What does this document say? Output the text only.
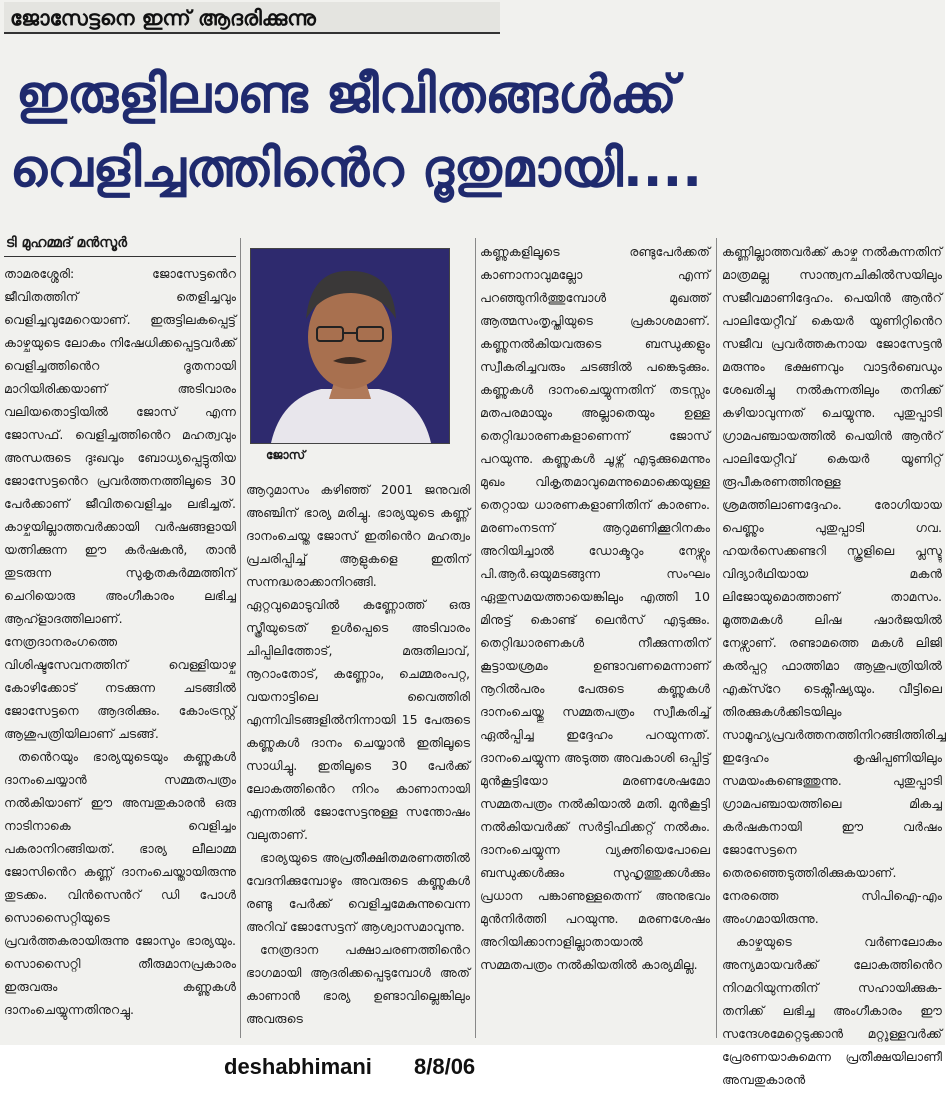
ജോസേട്ടനെ ഇന്ന് ആദരിക്കുന്നു
ഇരുളിലാണ്ട ജീവിതങ്ങൾക്ക്
വെളിച്ചത്തിൻെറ ദൂതുമായി....
ടി മുഹമ്മദ് മൻസൂർ

താമരശ്ശേരി: ജോസേട്ടൻെറ ജീവിതത്തിന് തെളിച്ചവും വെളിച്ചവുമേറെയാണ്. ഇരുട്ടിലകപ്പെട്ട് കാഴ്ചയുടെ ലോകം നിഷേധിക്കപ്പെട്ടവർക്ക് വെളിച്ചത്തിൻെറ ദൂതനായി മാറിയിരിക്കയാണ് അടിവാരം വലിയതൊട്ടിയിൽ ജോസ് എന്ന ജോസഫ്. വെളിച്ചത്തിൻെറ മഹത്വവും അന്ധരുടെ ദുഃഖവും ബോധ്യപ്പെട്ടുതിയ ജോസേട്ടൻെറ പ്രവർത്തനത്തിലൂടെ 30 പേർക്കാണ് ജീവിതവെളിച്ചം ലഭിച്ചത്. കാഴ്ചയില്ലാത്തവർക്കായി വർഷങ്ങളായി യത്നിക്കുന്ന ഈ കർഷകൻ, താൻ തുടരുന്ന സുകൃതകർമ്മത്തിന് ചെറിയൊരു അംഗീകാരം ലഭിച്ച ആഹ്ളാദത്തിലാണ്. നേത്രദാനരംഗത്തെ വിശിഷ്ടസേവനത്തിന് വെള്ളിയാഴ്ച കോഴിക്കോട് നടക്കുന്ന ചടങ്ങിൽ ജോസേട്ടനെ ആദരിക്കും. കോംട്രസ്റ്റ് ആശുപത്രിയിലാണ് ചടങ്ങ്.

തൻെറയും ഭാര്യയുടെയും കണ്ണുകൾ ദാനംചെയ്യാൻ സമ്മതപത്രം നൽകിയാണ് ഈ അമ്പതുകാരൻ ഒരു നാടിനാകെ വെളിച്ചം പകരാനിറങ്ങിയത്. ഭാര്യ ലീലാമ്മ ജോസിൻെറ കണ്ണ് ദാനംചെയ്തായിരുന്നു തുടക്കം. വിൻസെൻറ് ഡി പോൾ സൊസൈറ്റിയുടെ പ്രവർത്തകരായിരുന്നു ജോസും ഭാര്യയും. സൊസൈറ്റി തീരുമാനപ്രകാരം ഇരുവരും കണ്ണുകൾ ദാനംചെയ്യുന്നതിനുറച്ചു.

ജോസ്

ആറുമാസം കഴിഞ്ഞ് 2001 ജനുവരി അഞ്ചിന് ഭാര്യ മരിച്ചു. ഭാര്യയുടെ കണ്ണ് ദാനംചെയ്ത ജോസ് ഇതിൻെറ മഹത്വം പ്രചരിപ്പിച്ച് ആളുകളെ ഇതിന് സന്നദ്ധരാക്കാനിറങ്ങി. ഏറ്റവുമൊടുവിൽ കണ്ണോത്ത് ഒരു സ്ത്രീയുടെത് ഉൾപ്പെടെ അടിവാരം ചിപ്പിലിത്തോട്, മരുതിലാവ്, നൂറാംതോട്, കണ്ണോം, ചെമ്മരംപറ്റ, വയനാട്ടിലെ വൈത്തിരി എന്നിവിടങ്ങളിൽനിന്നായി 15 പേരുടെ കണ്ണുകൾ ദാനം ചെയ്യാൻ ഇതിലൂടെ സാധിച്ചു. ഇതിലൂടെ 30 പേർക്ക് ലോകത്തിൻെറ നിറം കാണാനായി എന്നതിൽ ജോസേട്ടനുള്ള സന്തോഷം വലുതാണ്.

ഭാര്യയുടെ അപ്രതീക്ഷിതമരണത്തിൽ വേദനിക്കുമ്പോഴും അവരുടെ കണ്ണുകൾ രണ്ടു പേർക്ക് വെളിച്ചമേകുന്നുവെന്ന അറിവ് ജോസേട്ടന് ആശ്വാസമാവുന്നു.

നേത്രദാന പക്ഷാചരണത്തിൻെറ ഭാഗമായി ആദരിക്കപ്പെടുമ്പോൾ അത് കാണാൻ ഭാര്യ ഉണ്ടാവില്ലെങ്കിലും അവരുടെ

കണ്ണുകളിലൂടെ രണ്ടുപേർക്കത് കാണാനാവുമല്ലോ എന്ന് പറഞ്ഞുനിർത്തുമ്പോൾ മുഖത്ത് ആത്മസംതൃപ്തിയുടെ പ്രകാശമാണ്. കണ്ണുനൽകിയവരുടെ ബന്ധുക്കളും സ്വീകരിച്ചവരും ചടങ്ങിൽ പങ്കെടുക്കും. കണ്ണുകൾ ദാനംചെയ്യുന്നതിന് തടസ്സം മതപരമായും അല്ലാതെയും ഉള്ള തെറ്റിദ്ധാരണകളാണെന്ന് ജോസ് പറയുന്നു. കണ്ണുകൾ ചൂഴ്ന്ന് എടുക്കുമെന്നും മുഖം വികൃതമാവുമെന്നുമൊക്കെയുള്ള തെറ്റായ ധാരണകളാണിതിന് കാരണം. മരണംനടന്ന് ആറുമണിക്കൂറിനകം അറിയിച്ചാൽ ഡോക്ടറും നേഴ്സും പി.ആർ.ഒയുമടങ്ങുന്ന സംഘം ഏതുസമയത്തായെങ്കിലും എത്തി 10 മിനുട്ട് കൊണ്ട് ലെൻസ് എടുക്കും. തെറ്റിദ്ധാരണകൾ നീക്കുന്നതിന് കൂട്ടായശ്രമം ഉണ്ടാവണമെന്നാണ് നൂറിൽപരം പേരുടെ കണ്ണുകൾ ദാനംചെയ്തു സമ്മതപത്രം സ്വീകരിച്ച് ഏൽപ്പിച്ച ഇദ്ദേഹം പറയുന്നത്. ദാനംചെയ്യുന്ന അടുത്ത അവകാശി ഒപ്പിട്ട് മുൻകൂട്ടിയോ മരണശേഷമോ സമ്മതപത്രം നൽകിയാൽ മതി. മുൻകൂട്ടി നൽകിയവർക്ക് സർട്ടിഫിക്കറ്റ് നൽകും. ദാനംചെയ്യുന്ന വ്യക്തിയെപോലെ ബന്ധുക്കൾക്കും സുഹൃത്തുക്കൾക്കും പ്രധാന പങ്കാണുള്ളതെന്ന് അനുഭവം മുൻനിർത്തി പറയുന്നു. മരണശേഷം അറിയിക്കാനാളില്ലാതായാൽ സമ്മതപത്രം നൽകിയതിൽ കാര്യമില്ല.

കണ്ണില്ലാത്തവർക്ക് കാഴ്ച നൽകുന്നതിന് മാത്രമല്ല സാന്ത്വനചികിൽസയിലും സജീവമാണിദ്ദേഹം. പെയിൻ ആൻറ് പാലിയേറ്റീവ് കെയർ യൂണിറ്റിൻെറ സജീവ പ്രവർത്തകനായ ജോസേട്ടൻ മരുന്നും ഭക്ഷണവും വാട്ടർബെഡും ശേഖരിച്ചു നൽകുന്നതിലും തനിക്ക് കഴിയാവുന്നത് ചെയ്യുന്നു. പുതുപ്പാടി ഗ്രാമപഞ്ചായത്തിൽ പെയിൻ ആൻറ് പാലിയേറ്റീവ് കെയർ യൂണിറ്റ് രൂപീകരണത്തിനുള്ള ശ്രമത്തിലാണദ്ദേഹം. രോഗിയായ പെണ്ണും പുതുപ്പാടി ഗവ. ഹയർസെക്കണ്ടറി സ്കൂളിലെ പ്ലസ്ടു വിദ്യാർഥിയായ മകൻ ലിജോയുമൊത്താണ് താമസം. മൂത്തമകൾ ലിഷ ഷാർജയിൽ നേഴ്സാണ്. രണ്ടാമത്തെ മകൾ ലിജി കൽപ്പറ്റ ഫാത്തിമാ ആശുപത്രിയിൽ എക്സ്റേ ടെക്നീഷ്യയും. വീട്ടിലെ തിരക്കുകൾക്കിടയിലും സാമൂഹ്യപ്രവർത്തനത്തിനിറങ്ങിത്തിരിച്ച ഇദ്ദേഹം കൃഷിപ്പണിയിലും സമയംകണ്ടെത്തുന്നു. പുതുപ്പാടി ഗ്രാമപഞ്ചായത്തിലെ മികച്ച കർഷകനായി ഈ വർഷം ജോസേട്ടനെ തെരഞ്ഞെടുത്തിരിക്കുകയാണ്. നേരത്തെ സിപിഐ-എം അംഗമായിരുന്നു.

കാഴ്ചയുടെ വർണലോകം അന്യമായവർക്ക് ലോകത്തിൻെറ നിറമറിയുന്നതിന് സഹായിക്കുക- തനിക്ക് ലഭിച്ച അംഗീകാരം ഈ സന്ദേശമേറ്റെടുക്കാൻ മറ്റുള്ളവർക്ക് പ്രേരണയാകുമെന്ന പ്രതീക്ഷയിലാണീ അമ്പതുകാരൻ

deshabhimani 8/8/06
